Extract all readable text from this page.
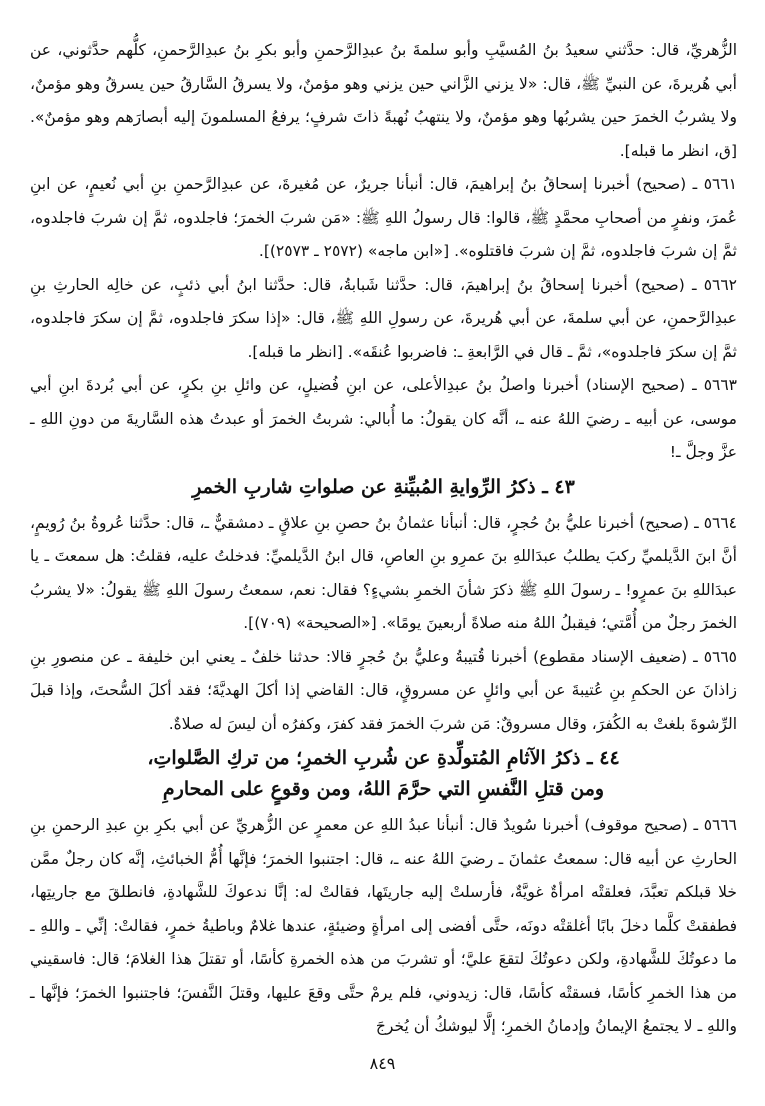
الزُّهريِّ، قال: حدَّثني سعيدُ بنُ المُسيَّبِ وأبو سلمةَ بنُ عبدِالرَّحمنِ وأبو بكرِ بنُ عبدِالرَّحمنِ، كلُّهم حدَّثوني، عن أبي هُريرةَ، عن النبيِّ ﷺ، قال: «لا يزني الزَّاني حين يزني وهو مؤمنٌ، ولا يسرقُ السَّارقُ حين يسرقُ وهو مؤمنٌ، ولا يشربُ الخمرَ حين يشربُها وهو مؤمنٌ، ولا ينتهبُ نُهبةً ذاتَ شرفٍ؛ يرفعُ المسلمونَ إليه أبصارَهم وهو مؤمنٌ». [ق، انظر ما قبله].

٥٦٦١ ـ (صحيح) أخبرنا إسحاقُ بنُ إبراهيمَ، قال: أنبأنا جريرٌ، عن مُغيرةَ، عن عبدِالرَّحمنِ بنِ أبي نُعيمٍ، عن ابنِ عُمرَ، ونفرٍ من أصحابِ محمَّدٍ ﷺ، قالوا: قال رسولُ اللهِ ﷺ: «مَن شربَ الخمرَ؛ فاجلدوه، ثمَّ إن شربَ فاجلدوه، ثمَّ إن شربَ فاجلدوه، ثمَّ إن شربَ فاقتلوه». [«ابن ماجه» (٢٥٧٢ ـ ٢٥٧٣)].

٥٦٦٢ ـ (صحيح) أخبرنا إسحاقُ بنُ إبراهيمَ، قال: حدَّثنا شَبابةُ، قال: حدَّثنا ابنُ أبي ذئبٍ، عن خالِه الحارثِ بنِ عبدِالرَّحمنِ، عن أبي سلمةَ، عن أبي هُريرةَ، عن رسولِ اللهِ ﷺ، قال: «إذا سكرَ فاجلدوه، ثمَّ إن سكرَ فاجلدوه، ثمَّ إن سكرَ فاجلدوه»، ثمَّ ـ قال في الرَّابعةِ ـ: فاضربوا عُنقَه». [انظر ما قبله].

٥٦٦٣ ـ (صحيح الإسناد) أخبرنا واصلُ بنُ عبدِالأعلى، عن ابنِ فُضيلٍ، عن وائلِ بنِ بكرٍ، عن أبي بُردةَ ابنِ أبي موسى، عن أبيه ـ رضيَ اللهُ عنه ـ، أنَّه كان يقولُ: ما أُبالي: شربتُ الخمرَ أو عبدتُ هذه السَّاريةَ من دونِ اللهِ ـ عزَّ وجلَّ ـ!

٤٣ ـ ذكرُ الرِّوايةِ المُبيِّنةِ عن صلواتِ شاربِ الخمرِ

٥٦٦٤ ـ (صحيح) أخبرنا عليُّ بنُ حُجرٍ، قال: أنبأنا عثمانُ بنُ حصنِ بنِ علاقٍ ـ دمشقيٌّ ـ، قال: حدَّثنا عُروةُ بنُ رُويمٍ، أنَّ ابنَ الدَّيلميِّ ركبَ يطلبُ عبدَاللهِ بنَ عمرِو بنِ العاصِ، قال ابنُ الدَّيلميِّ: فدخلتُ عليه، فقلتُ: هل سمعتَ ـ يا عبدَاللهِ بنَ عمرٍو! ـ رسولَ اللهِ ﷺ ذكرَ شأنَ الخمرِ بشيءٍ؟ فقال: نعم، سمعتُ رسولَ اللهِ ﷺ يقولُ: «لا يشربُ الخمرَ رجلٌ من أُمَّتي؛ فيقبلُ اللهُ منه صلاةً أربعينَ يومًا». [«الصحيحة» (٧٠٩)].

٥٦٦٥ ـ (ضعيف الإسناد مقطوع) أخبرنا قُتيبةُ وعليُّ بنُ حُجرٍ قالا: حدثنا خلفٌ ـ يعني ابن خليفة ـ عن منصورِ بنِ زاذانَ عن الحكمِ بنِ عُتيبةَ عن أبي وائلٍ عن مسروقٍ، قال: القاضي إذا أكلَ الهديَّةَ؛ فقد أكلَ السُّحتَ، وإذا قبلَ الرِّشوةَ بلغتْ به الكُفرَ، وقال مسروقٌ: مَن شربَ الخمرَ فقد كفرَ، وكفرُه أن ليسَ له صلاةٌ.

٤٤ ـ ذكرُ الآثامِ المُتولِّدةِ عن شُربِ الخمرِ؛ من تركِ الصَّلواتِ،
ومن قتلِ النَّفسِ التي حرَّمَ اللهُ، ومن وقوعٍ على المحارمِ

٥٦٦٦ ـ (صحيح موقوف) أخبرنا سُويدٌ قال: أنبأنا عبدُ اللهِ عن معمرٍ عن الزُّهريِّ عن أبي بكرِ بنِ عبدِ الرحمنِ بنِ الحارثِ عن أبيه قال: سمعتُ عثمانَ ـ رضيَ اللهُ عنه ـ، قال: اجتنبوا الخمرَ؛ فإنَّها أُمُّ الخبائثِ، إنَّه كان رجلٌ ممَّن خلا قبلكم تعبَّدَ، فعلقتْه امرأةٌ غويَّةٌ، فأرسلتْ إليه جاريتَها، فقالتْ له: إنَّا ندعوكَ للشَّهادةِ، فانطلقَ مع جاريتِها، فطفقتْ كلَّما دخلَ بابًا أغلقتْه دونَه، حتَّى أفضى إلى امرأةٍ وضيئةٍ، عندها غلامٌ وباطيةُ خمرٍ، فقالتْ: إنِّي ـ واللهِ ـ ما دعوتُكَ للشَّهادةِ، ولكن دعوتُكَ لتقعَ عليَّ؛ أو تشربَ من هذه الخمرةِ كأسًا، أو تقتلَ هذا الغلامَ؛ قال: فاسقيني من هذا الخمرِ كأسًا، فسقتْه كأسًا، قال: زيدوني، فلم يرمْ حتَّى وقعَ عليها، وقتلَ النَّفسَ؛ فاجتنبوا الخمرَ؛ فإنَّها ـ واللهِ ـ لا يجتمعُ الإيمانُ وإدمانُ الخمرِ؛ إلَّا ليوشكُ أن يُخرجَ

٨٤٩
